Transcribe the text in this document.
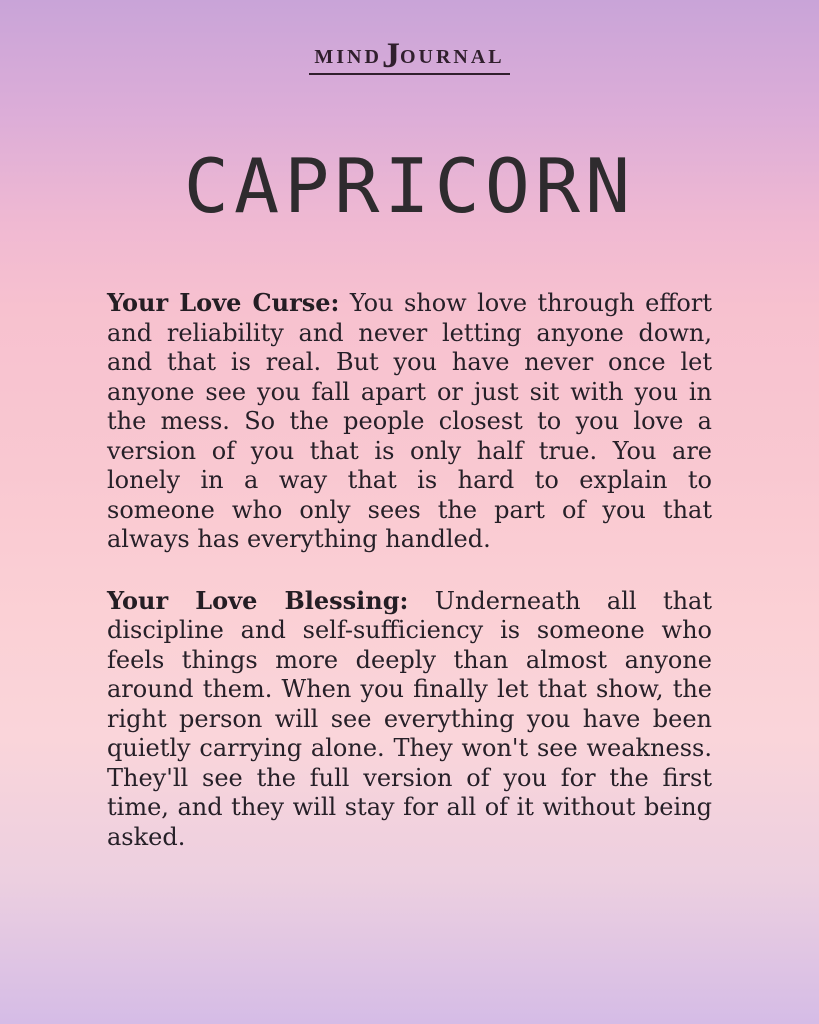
MINDJOURNAL
CAPRICORN

Your Love Curse: You show love through effort and reliability and never letting anyone down, and that is real. But you have never once let anyone see you fall apart or just sit with you in the mess. So the people closest to you love a version of you that is only half true. You are lonely in a way that is hard to explain to someone who only sees the part of you that always has everything handled.

Your Love Blessing: Underneath all that discipline and self-sufficiency is someone who feels things more deeply than almost anyone around them. When you finally let that show, the right person will see everything you have been quietly carrying alone. They won't see weakness. They'll see the full version of you for the first time, and they will stay for all of it without being asked.
